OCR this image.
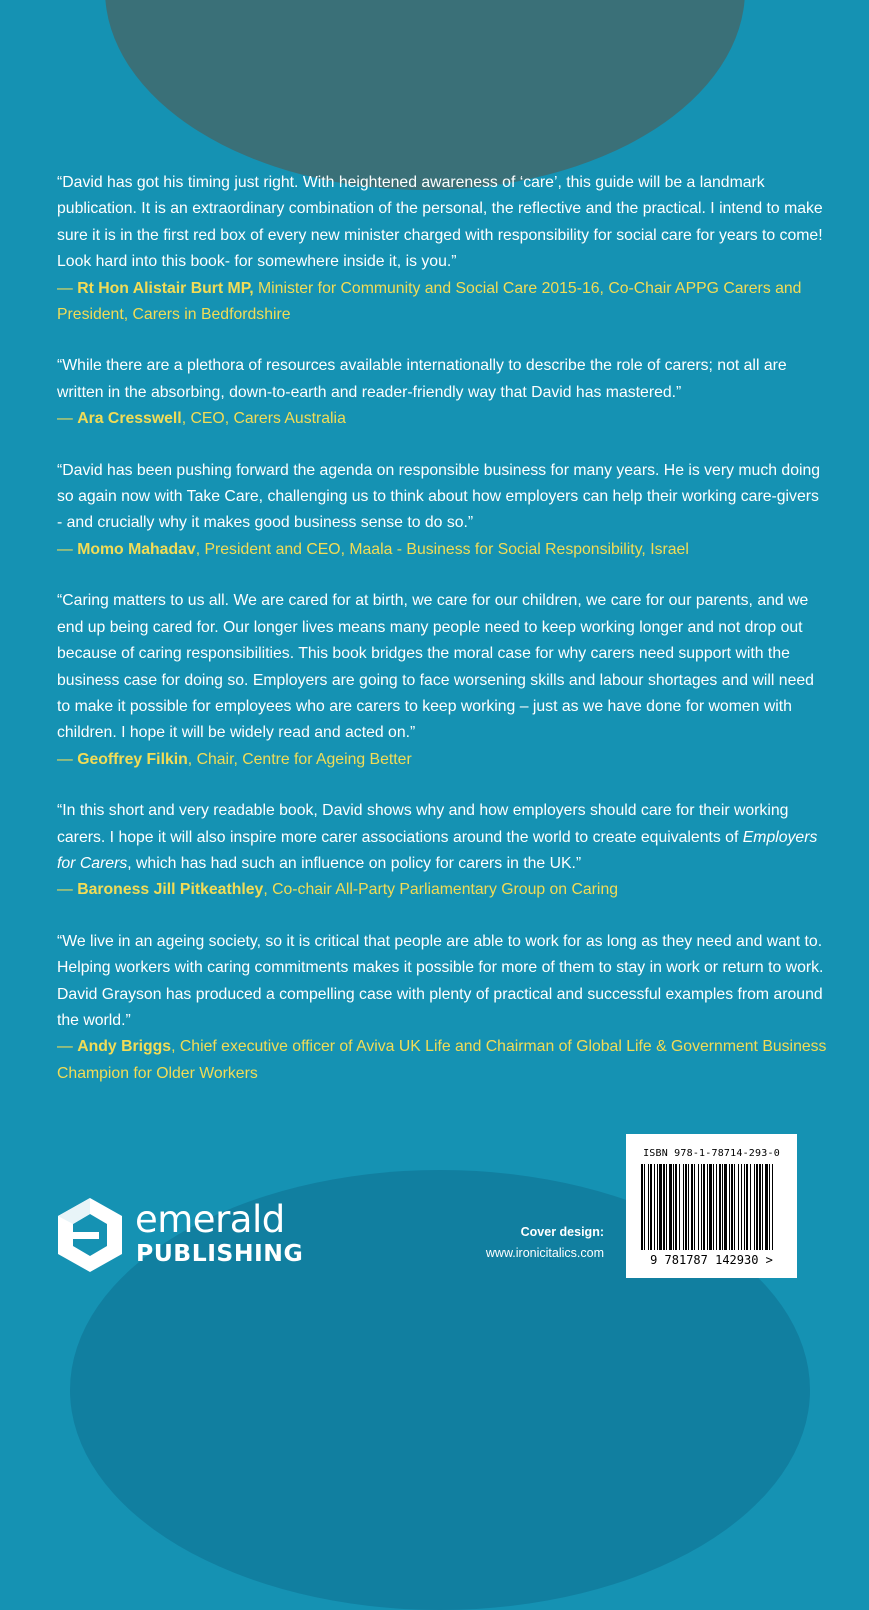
“David has got his timing just right. With heightened awareness of ‘care’, this guide will be a landmark publication. It is an extraordinary combination of the personal, the reflective and the practical. I intend to make sure it is in the first red box of every new minister charged with responsibility for social care for years to come! Look hard into this book- for somewhere inside it, is you.”
— Rt Hon Alistair Burt MP, Minister for Community and Social Care 2015-16, Co-Chair APPG Carers and President, Carers in Bedfordshire
“While there are a plethora of resources available internationally to describe the role of carers; not all are written in the absorbing, down-to-earth and reader-friendly way that David has mastered.”
— Ara Cresswell, CEO, Carers Australia
“David has been pushing forward the agenda on responsible business for many years. He is very much doing so again now with Take Care, challenging us to think about how employers can help their working care-givers - and crucially why it makes good business sense to do so.”
— Momo Mahadav, President and CEO, Maala - Business for Social Responsibility, Israel
“Caring matters to us all. We are cared for at birth, we care for our children, we care for our parents, and we end up being cared for. Our longer lives means many people need to keep working longer and not drop out because of caring responsibilities. This book bridges the moral case for why carers need support with the business case for doing so. Employers are going to face worsening skills and labour shortages and will need to make it possible for employees who are carers to keep working – just as we have done for women with children. I hope it will be widely read and acted on.”
— Geoffrey Filkin, Chair, Centre for Ageing Better
“In this short and very readable book, David shows why and how employers should care for their working carers. I hope it will also inspire more carer associations around the world to create equivalents of Employers for Carers, which has had such an influence on policy for carers in the UK.”
— Baroness Jill Pitkeathley, Co-chair All-Party Parliamentary Group on Caring
“We live in an ageing society, so it is critical that people are able to work for as long as they need and want to. Helping workers with caring commitments makes it possible for more of them to stay in work or return to work. David Grayson has produced a compelling case with plenty of practical and successful examples from around the world.”
— Andy Briggs, Chief executive officer of Aviva UK Life and Chairman of Global Life & Government Business Champion for Older Workers
emerald
PUBLISHING
Cover design:
www.ironicitalics.com
ISBN 978-1-78714-293-0
9 781787 142930 >
